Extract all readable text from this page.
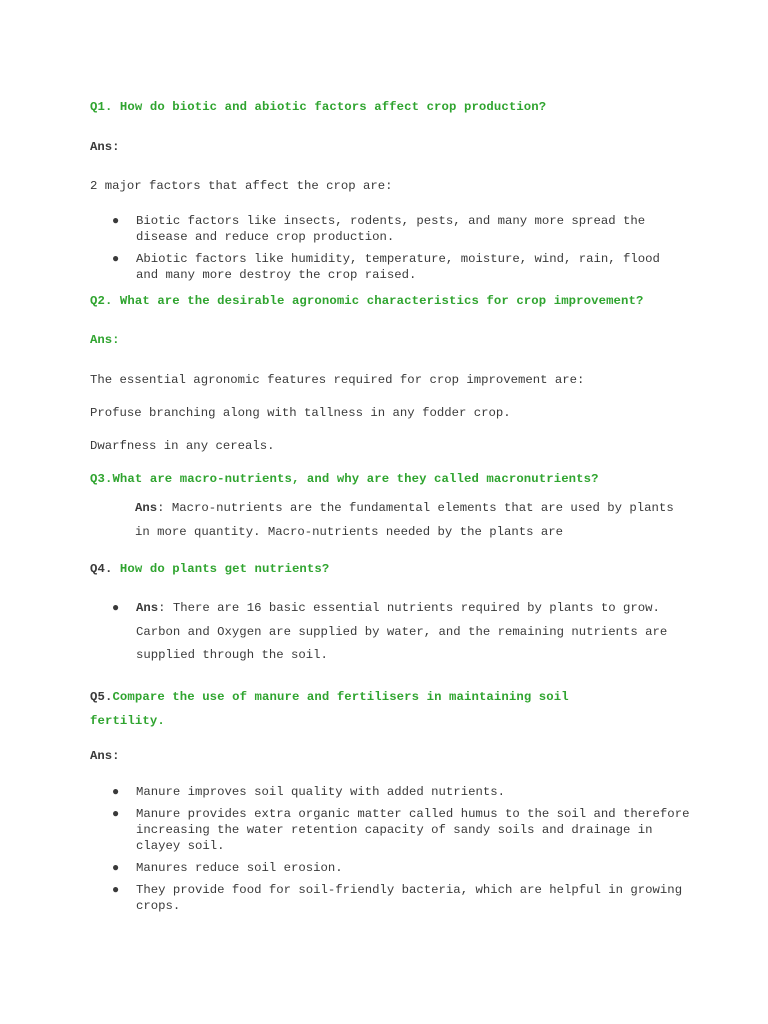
Q1. How do biotic and abiotic factors affect crop production?

Ans:

2 major factors that affect the crop are:

● Biotic factors like insects, rodents, pests, and many more spread the disease and reduce crop production.
● Abiotic factors like humidity, temperature, moisture, wind, rain, flood and many more destroy the crop raised.

Q2. What are the desirable agronomic characteristics for crop improvement?

Ans:

The essential agronomic features required for crop improvement are:

Profuse branching along with tallness in any fodder crop.

Dwarfness in any cereals.

Q3.What are macro-nutrients, and why are they called macronutrients?

Ans: Macro-nutrients are the fundamental elements that are used by plants in more quantity. Macro-nutrients needed by the plants are

Q4. How do plants get nutrients?

● Ans: There are 16 basic essential nutrients required by plants to grow. Carbon and Oxygen are supplied by water, and the remaining nutrients are supplied through the soil.

Q5.Compare the use of manure and fertilisers in maintaining soil fertility.

Ans:

● Manure improves soil quality with added nutrients.
● Manure provides extra organic matter called humus to the soil and therefore increasing the water retention capacity of sandy soils and drainage in clayey soil.
● Manures reduce soil erosion.
● They provide food for soil-friendly bacteria, which are helpful in growing crops.
